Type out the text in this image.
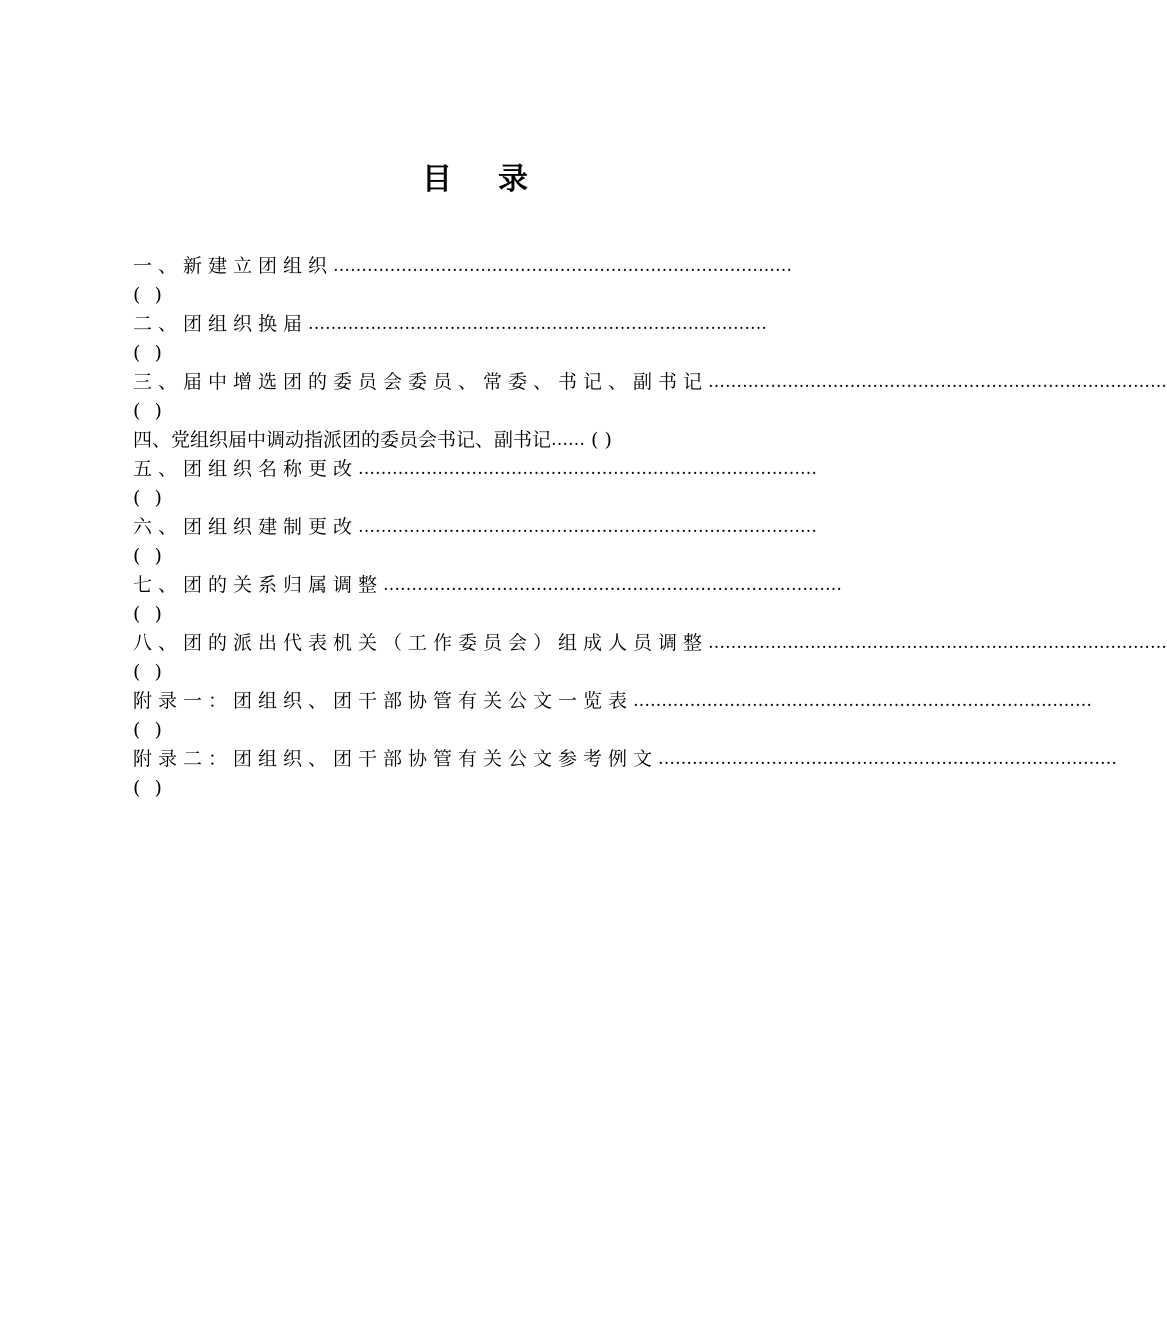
目录
一、新建立团组织 ………………………………………………………………………
( )
二、团组织换届 ………………………………………………………………………
( )
三、届中增选团的委员会委员、常委、书记、副书记 ………………………………………………………………………
( )
四、党组织届中调动指派团的委员会书记、副书记 …… ( )
五、团组织名称更改 ………………………………………………………………………
( )
六、团组织建制更改 ………………………………………………………………………
( )
七、团的关系归属调整 ………………………………………………………………………
( )
八、团的派出代表机关（工作委员会）组成人员调整 ………………………………………………………………………
( )
附录一：团组织、团干部协管有关公文一览表 ………………………………………………………………………
( )
附录二：团组织、团干部协管有关公文参考例文 ………………………………………………………………………
( )
